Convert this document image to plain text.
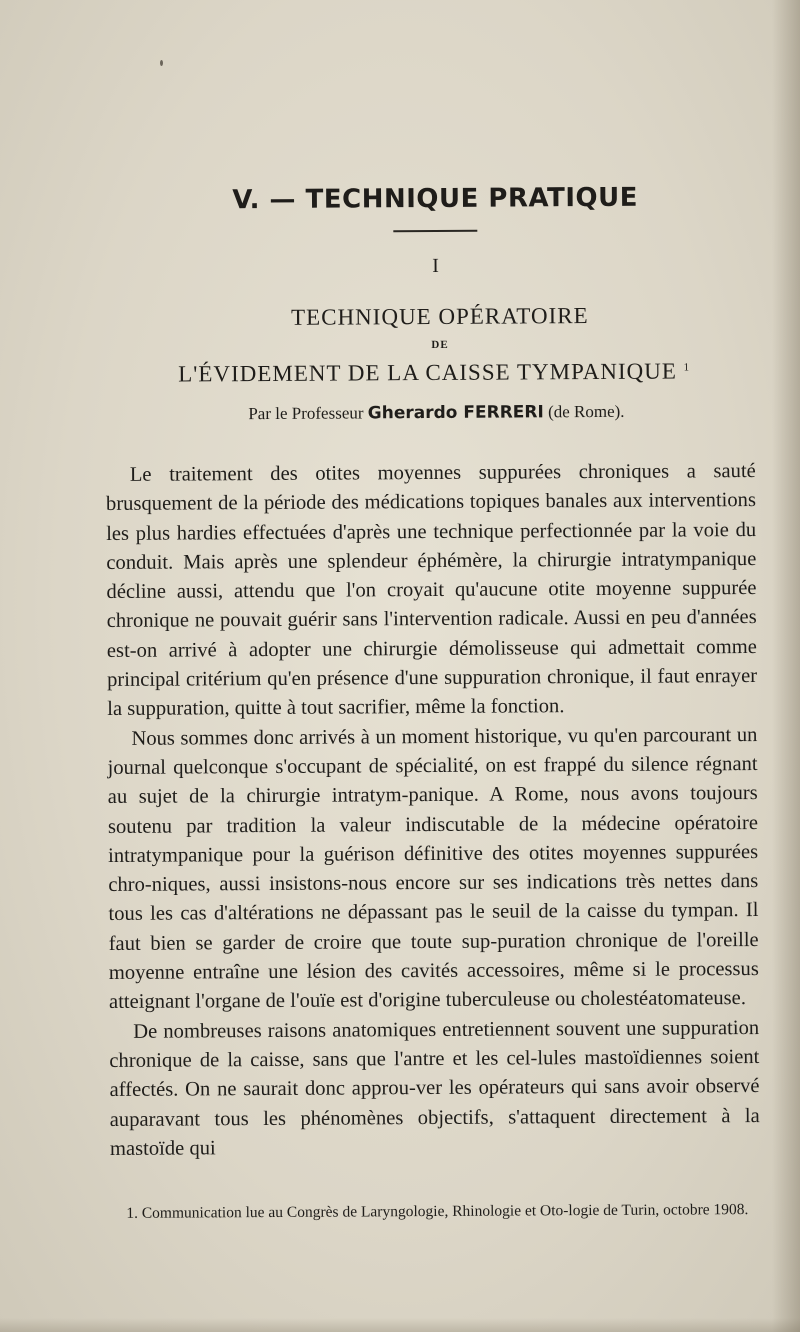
V. — TECHNIQUE PRATIQUE
I
TECHNIQUE OPÉRATOIRE
DE
L'ÉVIDEMENT DE LA CAISSE TYMPANIQUE $^1$
Par le Professeur Gherardo FERRERI (de Rome).

Le traitement des otites moyennes suppurées chroniques a sauté brusquement de la période des médications topiques banales aux interventions les plus hardies effectuées d'après une technique perfectionnée par la voie du conduit. Mais après une splendeur éphémère, la chirurgie intratympanique décline aussi, attendu que l'on croyait qu'aucune otite moyenne suppurée chronique ne pouvait guérir sans l'intervention radicale. Aussi en peu d'années est-on arrivé à adopter une chirurgie démolisseuse qui admettait comme principal critérium qu'en présence d'une suppuration chronique, il faut enrayer la suppuration, quitte à tout sacrifier, même la fonction.

Nous sommes donc arrivés à un moment historique, vu qu'en parcourant un journal quelconque s'occupant de spécialité, on est frappé du silence régnant au sujet de la chirurgie intratym-panique. A Rome, nous avons toujours soutenu par tradition la valeur indiscutable de la médecine opératoire intratympanique pour la guérison définitive des otites moyennes suppurées chro-niques, aussi insistons-nous encore sur ses indications très nettes dans tous les cas d'altérations ne dépassant pas le seuil de la caisse du tympan. Il faut bien se garder de croire que toute sup-puration chronique de l'oreille moyenne entraîne une lésion des cavités accessoires, même si le processus atteignant l'organe de l'ouïe est d'origine tuberculeuse ou cholestéatomateuse.

De nombreuses raisons anatomiques entretiennent souvent une suppuration chronique de la caisse, sans que l'antre et les cel-lules mastoïdiennes soient affectés. On ne saurait donc approu-ver les opérateurs qui sans avoir observé auparavant tous les phénomènes objectifs, s'attaquent directement à la mastoïde qui

1. Communication lue au Congrès de Laryngologie, Rhinologie et Oto-logie de Turin, octobre 1908.
